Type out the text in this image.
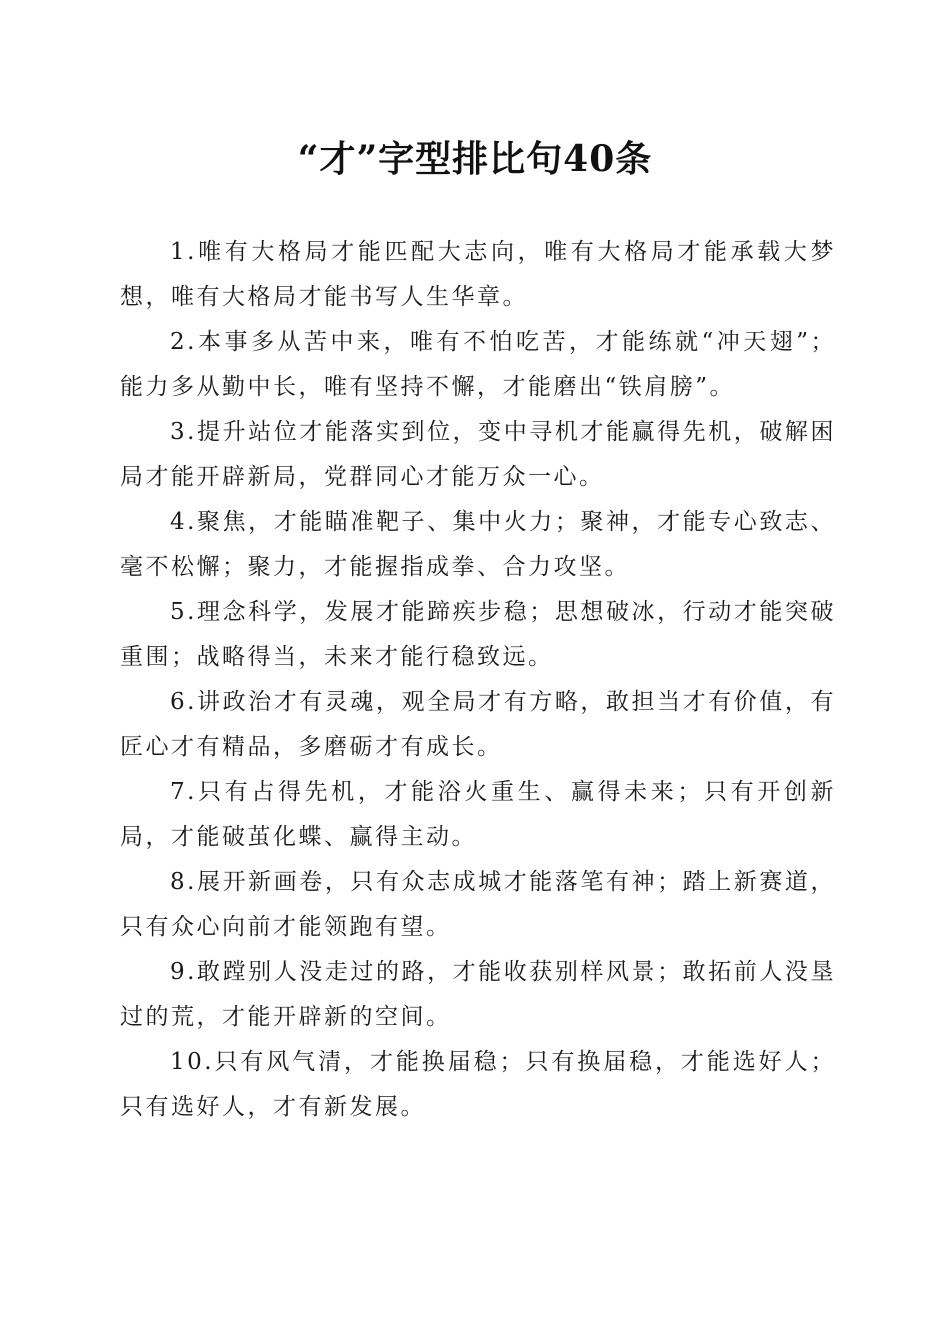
“才”字型排比句40条

1.唯有大格局才能匹配大志向，唯有大格局才能承载大梦想，唯有大格局才能书写人生华章。

2.本事多从苦中来，唯有不怕吃苦，才能练就“冲天翅”；能力多从勤中长，唯有坚持不懈，才能磨出“铁肩膀”。

3.提升站位才能落实到位，变中寻机才能赢得先机，破解困局才能开辟新局，党群同心才能万众一心。

4.聚焦，才能瞄准靶子、集中火力；聚神，才能专心致志、毫不松懈；聚力，才能握指成拳、合力攻坚。

5.理念科学，发展才能蹄疾步稳；思想破冰，行动才能突破重围；战略得当，未来才能行稳致远。

6.讲政治才有灵魂，观全局才有方略，敢担当才有价值，有匠心才有精品，多磨砺才有成长。

7.只有占得先机，才能浴火重生、赢得未来；只有开创新局，才能破茧化蝶、赢得主动。

8.展开新画卷，只有众志成城才能落笔有神；踏上新赛道，只有众心向前才能领跑有望。

9.敢蹚别人没走过的路，才能收获别样风景；敢拓前人没垦过的荒，才能开辟新的空间。

10.只有风气清，才能换届稳；只有换届稳，才能选好人；只有选好人，才有新发展。
